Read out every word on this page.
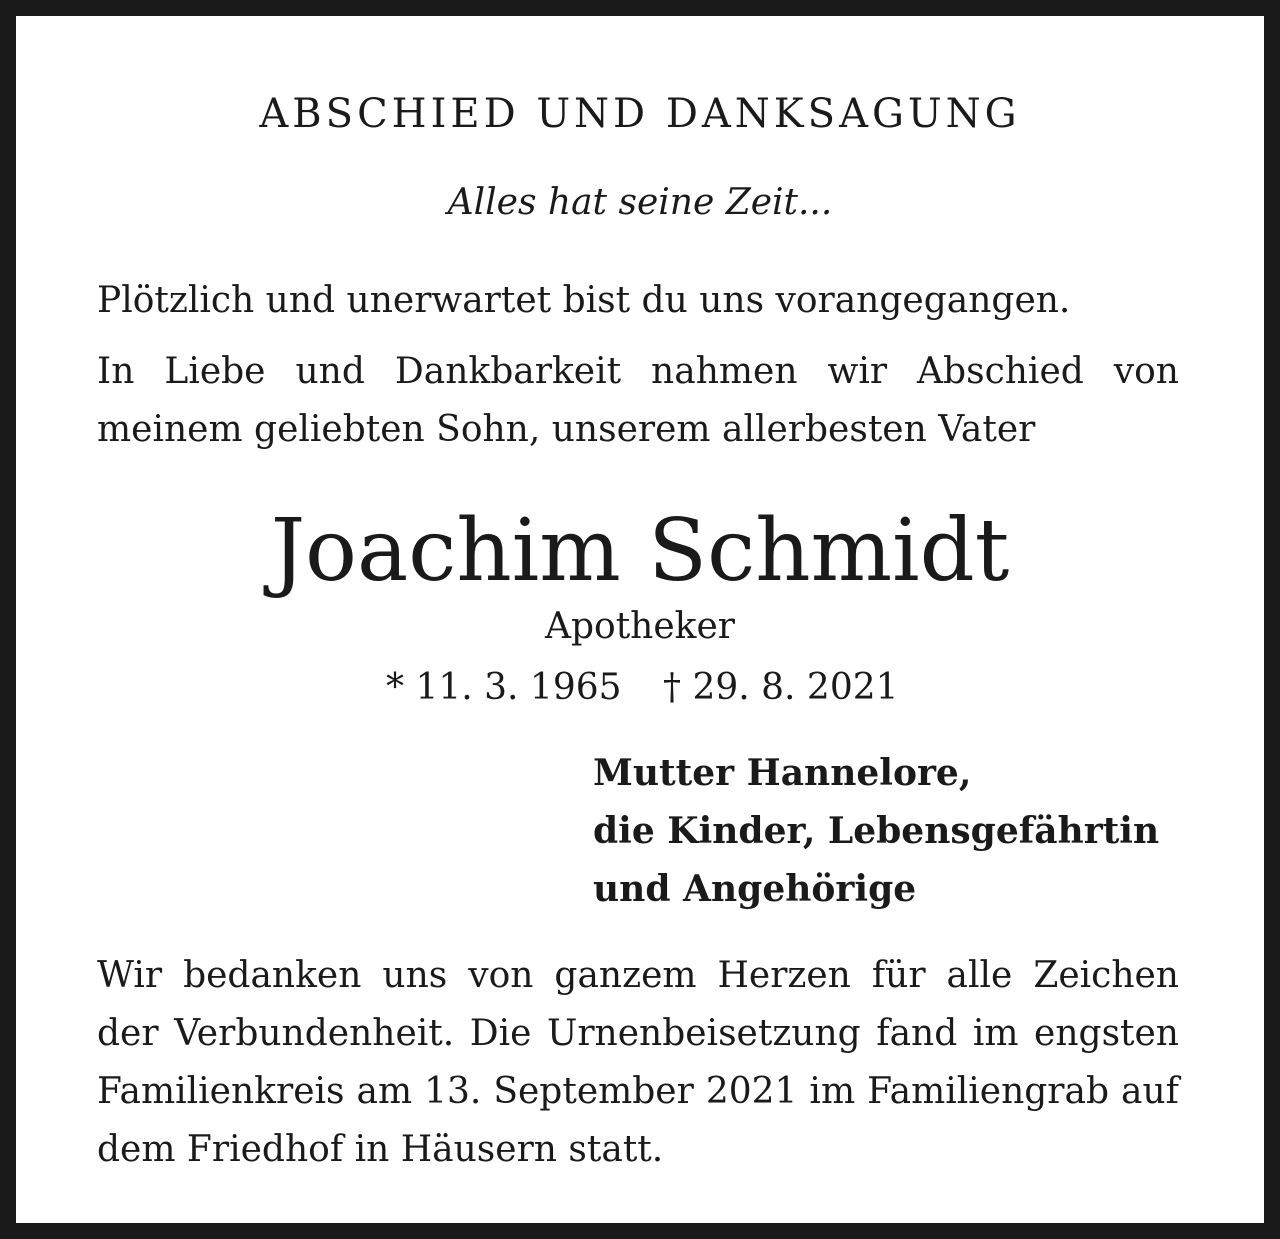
ABSCHIED UND DANKSAGUNG
Alles hat seine Zeit...
Plötzlich und unerwartet bist du uns vorangegangen.
In Liebe und Dankbarkeit nahmen wir Abschied von
meinem geliebten Sohn, unserem allerbesten Vater
Joachim Schmidt
Apotheker
* 11. 3. 1965 † 29. 8. 2021
Mutter Hannelore,
die Kinder, Lebensgefährtin
und Angehörige
Wir bedanken uns von ganzem Herzen für alle Zeichen
der Verbundenheit. Die Urnenbeisetzung fand im engsten
Familienkreis am 13. September 2021 im Familiengrab auf
dem Friedhof in Häusern statt.
